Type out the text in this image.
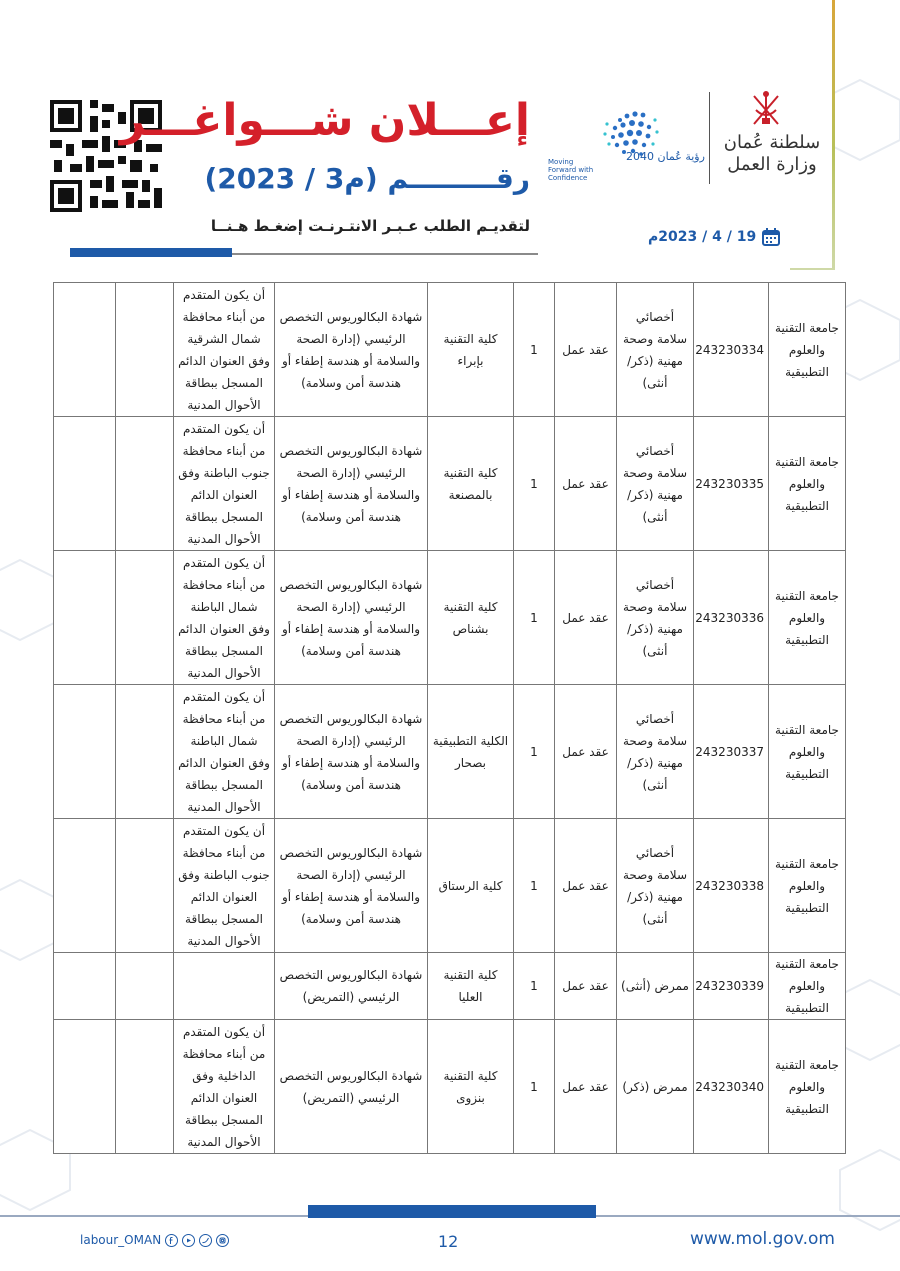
إعـــلان شـــواغـــر
رقـــــــــم (م3 / 2023)
لتقديـم الطلب عـبـر الانتـرنـت إضغـط هـنــا
19 / 4 / 2023م
رؤية عُمان 2040
Moving Forward with Confidence
سلطنة عُمان
وزارة العمل
جامعة التقنية والعلوم التطبيقية	243230334	أخصائي سلامة وصحة مهنية (ذكر/أنثى)	عقد عمل	1	كلية التقنية بإبراء	شهادة البكالوريوس التخصص الرئيسي (إدارة الصحة والسلامة أو هندسة إطفاء أو هندسة أمن وسلامة)	أن يكون المتقدم من أبناء محافظة شمال الشرقية وفق العنوان الدائم المسجل ببطاقة الأحوال المدنية		
جامعة التقنية والعلوم التطبيقية	243230335	أخصائي سلامة وصحة مهنية (ذكر/أنثى)	عقد عمل	1	كلية التقنية بالمصنعة	شهادة البكالوريوس التخصص الرئيسي (إدارة الصحة والسلامة أو هندسة إطفاء أو هندسة أمن وسلامة)	أن يكون المتقدم من أبناء محافظة جنوب الباطنة وفق العنوان الدائم المسجل ببطاقة الأحوال المدنية		
جامعة التقنية والعلوم التطبيقية	243230336	أخصائي سلامة وصحة مهنية (ذكر/أنثى)	عقد عمل	1	كلية التقنية بشناص	شهادة البكالوريوس التخصص الرئيسي (إدارة الصحة والسلامة أو هندسة إطفاء أو هندسة أمن وسلامة)	أن يكون المتقدم من أبناء محافظة شمال الباطنة وفق العنوان الدائم المسجل ببطاقة الأحوال المدنية		
جامعة التقنية والعلوم التطبيقية	243230337	أخصائي سلامة وصحة مهنية (ذكر/أنثى)	عقد عمل	1	الكلية التطبيقية بصحار	شهادة البكالوريوس التخصص الرئيسي (إدارة الصحة والسلامة أو هندسة إطفاء أو هندسة أمن وسلامة)	أن يكون المتقدم من أبناء محافظة شمال الباطنة وفق العنوان الدائم المسجل ببطاقة الأحوال المدنية		
جامعة التقنية والعلوم التطبيقية	243230338	أخصائي سلامة وصحة مهنية (ذكر/أنثى)	عقد عمل	1	كلية الرستاق	شهادة البكالوريوس التخصص الرئيسي (إدارة الصحة والسلامة أو هندسة إطفاء أو هندسة أمن وسلامة)	أن يكون المتقدم من أبناء محافظة جنوب الباطنة وفق العنوان الدائم المسجل ببطاقة الأحوال المدنية		
جامعة التقنية والعلوم التطبيقية	243230339	ممرض (أنثى)	عقد عمل	1	كلية التقنية العليا	شهادة البكالوريوس التخصص الرئيسي (التمريض)			
جامعة التقنية والعلوم التطبيقية	243230340	ممرض (ذكر)	عقد عمل	1	كلية التقنية بنزوى	شهادة البكالوريوس التخصص الرئيسي (التمريض)	أن يكون المتقدم من أبناء محافظة الداخلية وفق العنوان الدائم المسجل ببطاقة الأحوال المدنية		
labour_OMAN	12	www.mol.gov.om
